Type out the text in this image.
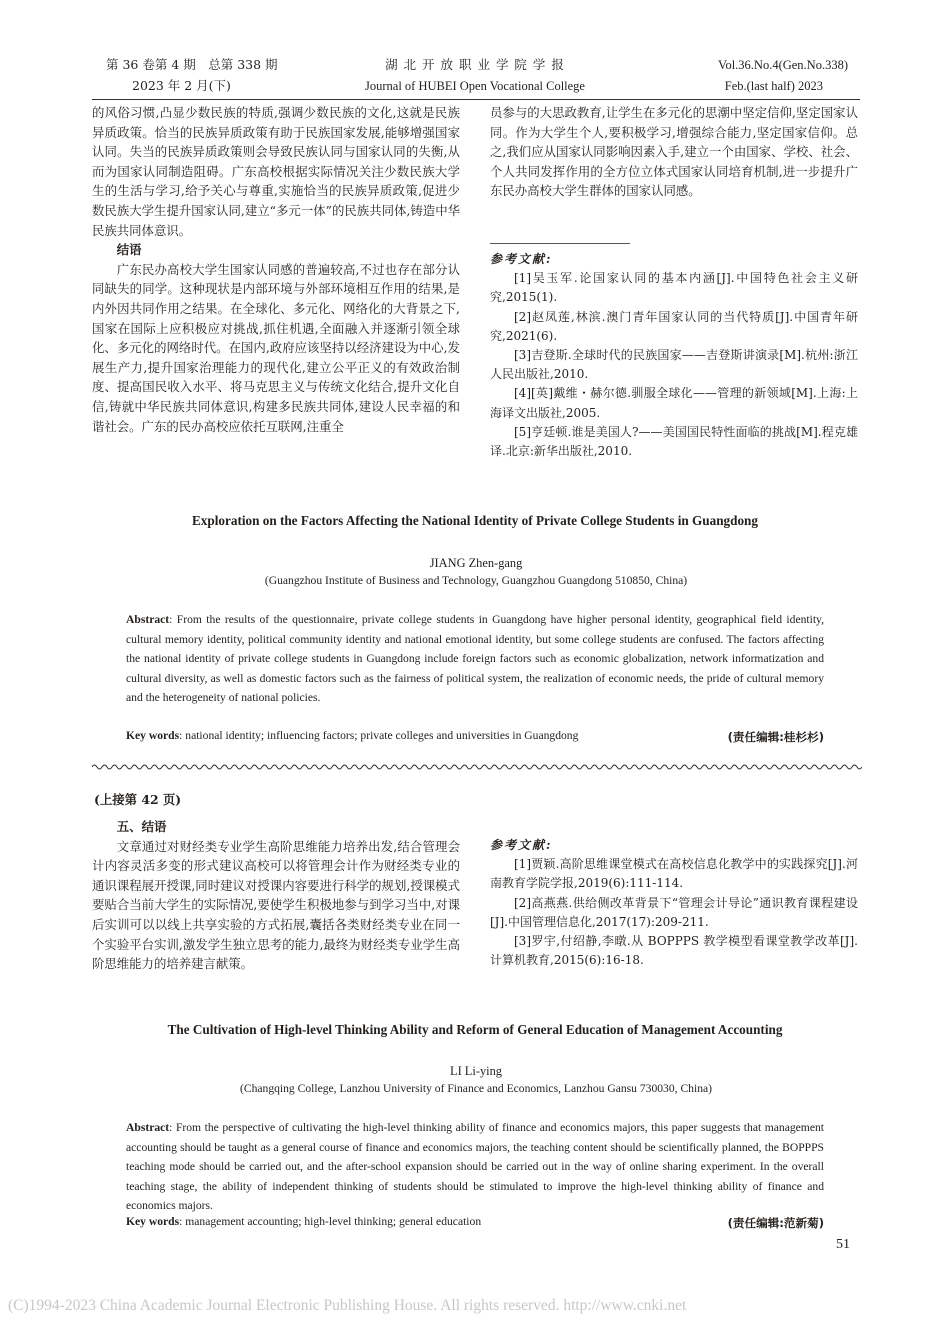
第 36 卷第 4 期　总第 338 期
2023 年 2 月(下)
湖 北 开 放 职 业 学 院 学 报
Journal of HUBEI Open Vocational College
Vol.36.No.4(Gen.No.338)
Feb.(last half) 2023

的风俗习惯,凸显少数民族的特质,强调少数民族的文化,这就是民族异质政策。恰当的民族异质政策有助于民族国家发展,能够增强国家认同。失当的民族异质政策则会导致民族认同与国家认同的失衡,从而为国家认同制造阻碍。广东高校根据实际情况关注少数民族大学生的生活与学习,给予关心与尊重,实施恰当的民族异质政策,促进少数民族大学生提升国家认同,建立“多元一体”的民族共同体,铸造中华民族共同体意识。

结语

广东民办高校大学生国家认同感的普遍较高,不过也存在部分认同缺失的同学。这种现状是内部环境与外部环境相互作用的结果,是内外因共同作用之结果。在全球化、多元化、网络化的大背景之下,国家在国际上应积极应对挑战,抓住机遇,全面融入并逐渐引领全球化、多元化的网络时代。在国内,政府应该坚持以经济建设为中心,发展生产力,提升国家治理能力的现代化,建立公平正义的有效政治制度、提高国民收入水平、将马克思主义与传统文化结合,提升文化自信,铸就中华民族共同体意识,构建多民族共同体,建设人民幸福的和谐社会。广东的民办高校应依托互联网,注重全

员参与的大思政教育,让学生在多元化的思潮中坚定信仰,坚定国家认同。作为大学生个人,要积极学习,增强综合能力,坚定国家信仰。总之,我们应从国家认同影响因素入手,建立一个由国家、学校、社会、个人共同发挥作用的全方位立体式国家认同培育机制,进一步提升广东民办高校大学生群体的国家认同感。

参考文献:
[1]吴玉军.论国家认同的基本内涵[J].中国特色社会主义研究,2015(1).
[2]赵凤莲,林滨.澳门青年国家认同的当代特质[J].中国青年研究,2021(6).
[3]吉登斯.全球时代的民族国家——吉登斯讲演录[M].杭州:浙江人民出版社,2010.
[4][英]戴维・赫尔德.驯服全球化——管理的新领域[M].上海:上海译文出版社,2005.
[5]亨廷顿.谁是美国人?——美国国民特性面临的挑战[M].程克雄译.北京:新华出版社,2010.
Exploration on the Factors Affecting the National Identity of Private College Students in Guangdong
JIANG Zhen-gang
(Guangzhou Institute of Business and Technology, Guangzhou Guangdong 510850, China)
Abstract: From the results of the questionnaire, private college students in Guangdong have higher personal identity, geographical field identity, cultural memory identity, political community identity and national emotional identity, but some college students are confused. The factors affecting the national identity of private college students in Guangdong include foreign factors such as economic globalization, network informatization and cultural diversity, as well as domestic factors such as the fairness of political system, the realization of economic needs, the pride of cultural memory and the heterogeneity of national policies.
Key words: national identity; influencing factors; private colleges and universities in Guangdong	(责任编辑:桂杉杉)
(上接第 42 页)
五、结语

文章通过对财经类专业学生高阶思维能力培养出发,结合管理会计内容灵活多变的形式建议高校可以将管理会计作为财经类专业的通识课程展开授课,同时建议对授课内容要进行科学的规划,授课模式要贴合当前大学生的实际情况,要使学生积极地参与到学习当中,对课后实训可以以线上共享实验的方式拓展,囊括各类财经类专业在同一个实验平台实训,激发学生独立思考的能力,最终为财经类专业学生高阶思维能力的培养建言献策。

参考文献:
[1]贾颖.高阶思维课堂模式在高校信息化教学中的实践探究[J].河南教育学院学报,2019(6):111-114.
[2]高燕燕.供给侧改革背景下“管理会计导论”通识教育课程建设[J].中国管理信息化,2017(17):209-211.
[3]罗宇,付绍静,李暾.从 BOPPPS 教学模型看课堂教学改革[J].计算机教育,2015(6):16-18.
The Cultivation of High-level Thinking Ability and Reform of General Education of Management Accounting
LI Li-ying
(Changqing College, Lanzhou University of Finance and Economics, Lanzhou Gansu 730030, China)
Abstract: From the perspective of cultivating the high-level thinking ability of finance and economics majors, this paper suggests that management accounting should be taught as a general course of finance and economics majors, the teaching content should be scientifically planned, the BOPPPS teaching mode should be carried out, and the after-school expansion should be carried out in the way of online sharing experiment. In the overall teaching stage, the ability of independent thinking of students should be stimulated to improve the high-level thinking ability of finance and economics majors.
Key words: management accounting; high-level thinking; general education	(责任编辑:范新菊)
51
(C)1994-2023 China Academic Journal Electronic Publishing House. All rights reserved. http://www.cnki.net
